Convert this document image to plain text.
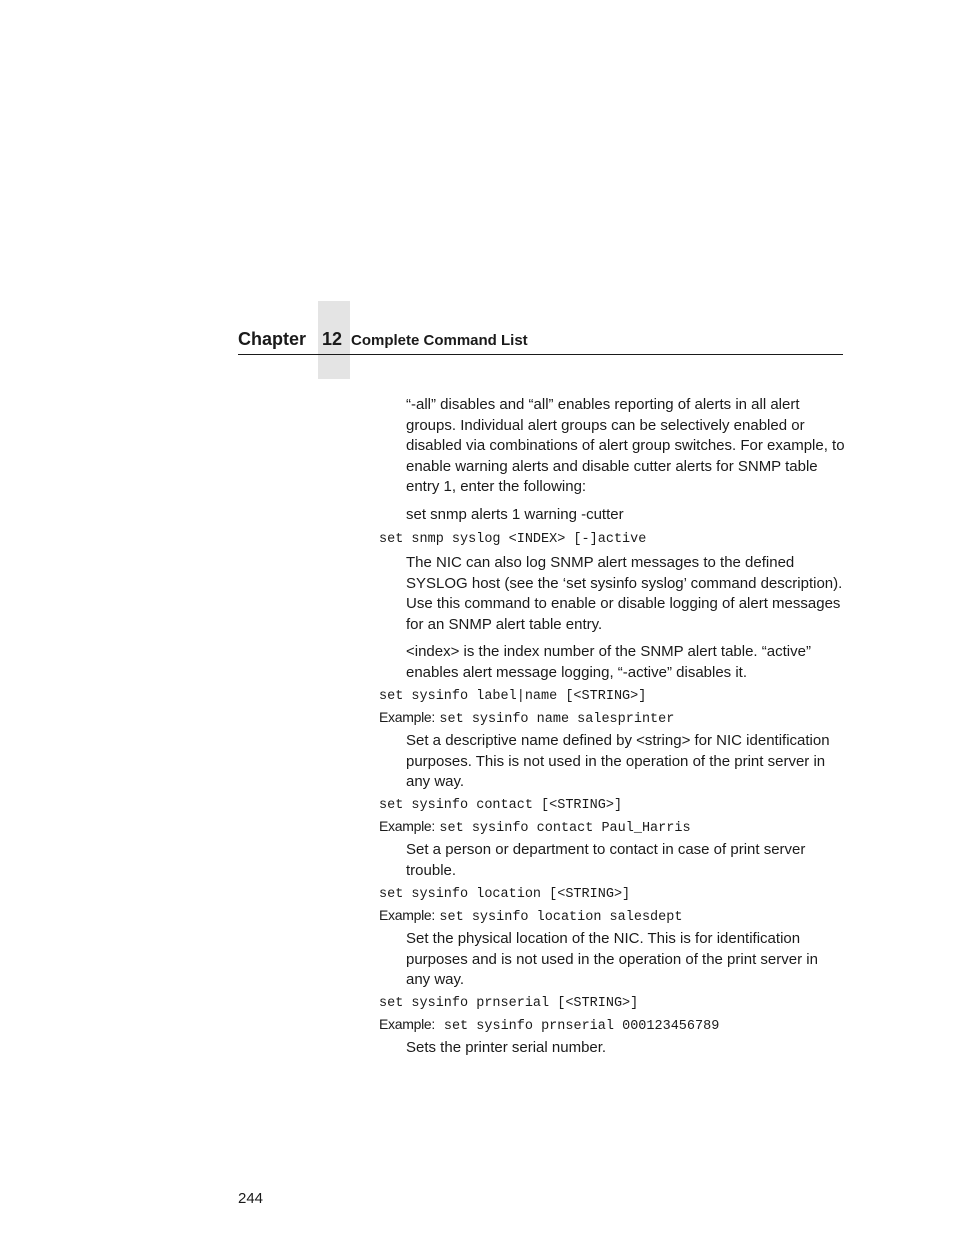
Chapter 12 Complete Command List

“-all” disables and “all” enables reporting of alerts in all alert groups. Individual alert groups can be selectively enabled or disabled via combinations of alert group switches. For example, to enable warning alerts and disable cutter alerts for SNMP table entry 1, enter the following:

set snmp alerts 1 warning -cutter

set snmp syslog <INDEX> [-]active

The NIC can also log SNMP alert messages to the defined SYSLOG host (see the ‘set sysinfo syslog’ command description). Use this command to enable or disable logging of alert messages for an SNMP alert table entry.

<index> is the index number of the SNMP alert table. “active” enables alert message logging, “-active” disables it.

set sysinfo label|name [<STRING>]

Example: set sysinfo name salesprinter

Set a descriptive name defined by <string> for NIC identification purposes. This is not used in the operation of the print server in any way.

set sysinfo contact [<STRING>]

Example: set sysinfo contact Paul_Harris

Set a person or department to contact in case of print server trouble.

set sysinfo location [<STRING>]

Example: set sysinfo location salesdept

Set the physical location of the NIC. This is for identification purposes and is not used in the operation of the print server in any way.

set sysinfo prnserial [<STRING>]

Example: set sysinfo prnserial 000123456789

Sets the printer serial number.

244
